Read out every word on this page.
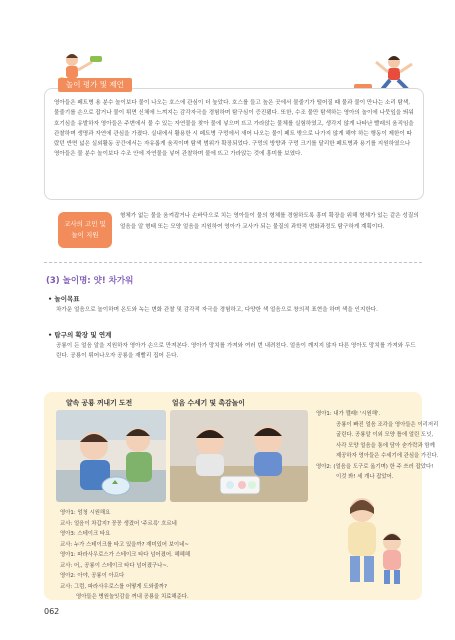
놀이 평가 및 제언

영아들은 페트병 용 분수 놀이보다 물이 나오는 호스에 관심이 더 높았다. 호스를 들고 높은 곳에서 물줄기가 떨어질 때 물과 물이 만나는 소리 탐색, 물줄기를 손으로 잡거나 물이 튀면 신체에 느껴지는 감각자극을 경험하며 탐구심이 증진됐다. 또한, 수조 물만 탐색하는 영아의 놀이에 나뭇잎을 띄워 호기심을 유발하자 영아들은 주변에서 물 수 있는 자연물을 찾아 물에 넣으며 뜨고 가라앉는 물체를 실험하였고, 생각지 않게 나타난 빨래의 움직임을 관찰하며 생명과 자연에 관심을 가졌다. 실내에서 활용한 시 페트병 구멍에서 새어 나오는 물이 페트 밖으로 나가지 않게 해야 하는 행동이 제한이 따랐던 반면 넓은 실외활동 공간에서는 자유롭게 움직이며 탐색 범위가 확장되었다. 구멍의 방향과 구멍 크기를 달리한 페트병과 용기를 지원하였으나 영아들은 물 분수 놀이보다 수조 안에 자연물을 넣어 관찰하며 물에 뜨고 가라앉는 것에 흥미를 보였다.

교사의 고민 및
놀이 지원

형체가 없는 물을 움켜잡거나 손바닥으로 치는 영아들이 물의 형체를 경험하도록 흥미 확장을 위해 형체가 있는 같은 성질의 얼음을 알 형태 또는 모양 얼음을 지원하여 영아가 교사가 되는 물질의 과학적 변화과정도 탐구하게 계획이다.

(3) 놀이명: 얏! 차가워
• 놀이목표

차가운 얼음으로 놀이하며 온도와 녹는 변화 관찰 및 감각적 자극을 경험하고, 다양한 색 얼음으로 창의적 표현을 하며 색을 인지한다.

• 탐구의 확장 및 연계

공룡이 든 얼음 알을 지원하자 영아가 손으로 만져본다. 영아가 망치를 가져와 여러 번 내려친다. 얼음이 깨지지 않자 다른 영아도 망치를 가져와 두드린다. 공룡이 튀어나오자 공룡을 재빨리 집어 든다.

얄속 공룡 꺼내기 도전	얼음 수세기 및 촉감놀이
영아1: 내가 깰래! '시원해'.
공룡이 빠진 얼음 조각을 영아들은 이리저리
굴린다. 공룡알 이외 모양 틀에 얼린 도넛,
사각 모양 얼음을 통에 담아 숟가락과 함께
제공하자 영아들은 수세기에 관심을 가진다.
영아2: (얼음을 도구로 옮기며) 한 주 쓰러 잡았다!
이것 봐! 세 개나 잡았어.
영아1: 엄청 시원해요
교사: 얼음이 차갑지? 꽁꽁 생겼어 '주르륵' 흐르네
영아3: 스테이크 타요
교사: 누가 스테이크를 타고 있을까? 재미있어 보이네~
영아1: 파라사우로스가 스테이크 타다 넘어졌어. 헤헤헤
교사: 어,, 공룡이 스테이크 타다 넘어졌구나~.
영아2: 아야, 공룡이 아프다
교사: 그럼, 파라사우로스를 어떻게 도와줄까?
영아들은 병원놀잇감을 꺼내 공룡을 치료해준다.
062
